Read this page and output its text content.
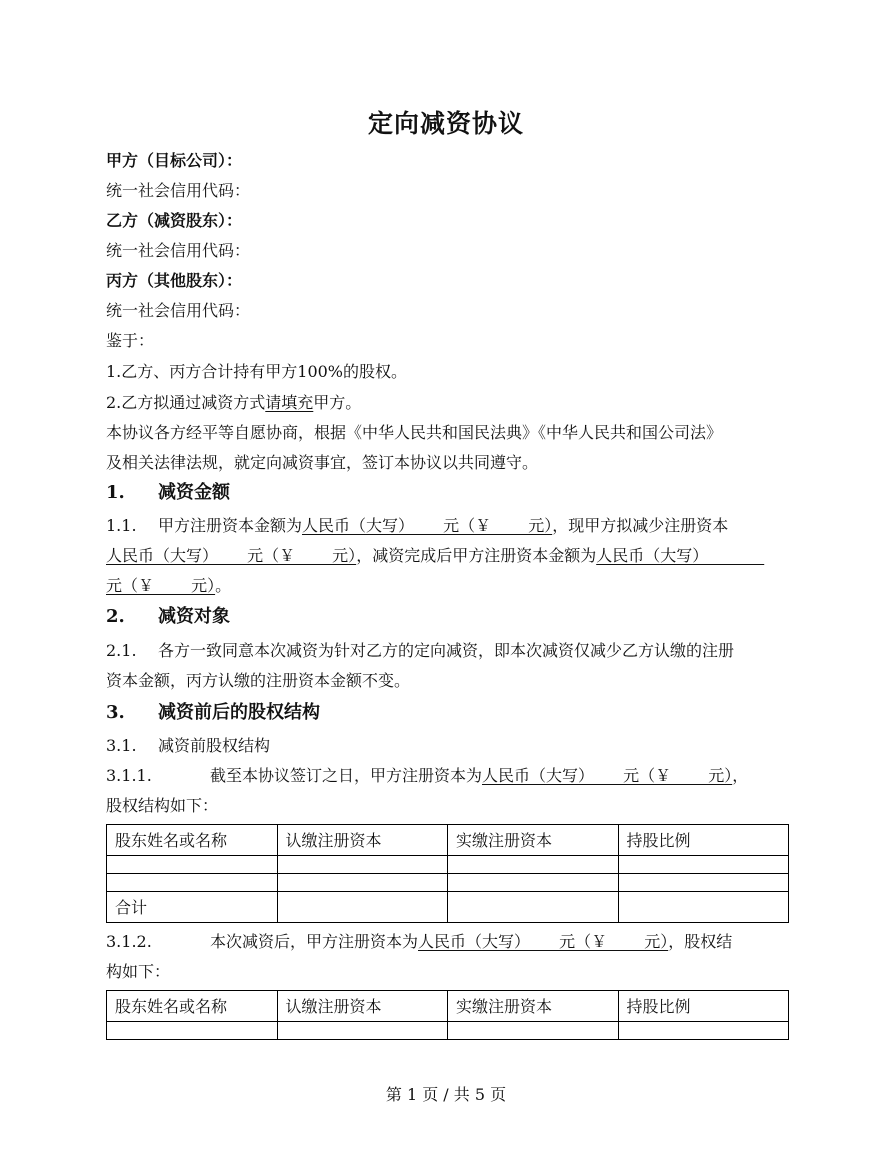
定向减资协议
甲方（目标公司）：
统一社会信用代码：
乙方（减资股东）：
统一社会信用代码：
丙方（其他股东）：
统一社会信用代码：
鉴于：
1.乙方、丙方合计持有甲方100%的股权。
2.乙方拟通过减资方式请填充甲方。
本协议各方经平等自愿协商，根据《中华人民共和国民法典》《中华人民共和国公司法》
及相关法律法规，就定向减资事宜，签订本协议以共同遵守。
1. 减资金额
1.1. 甲方注册资本金额为人民币（大写）　　 元（￥　　 元），现甲方拟减少注册资本
人民币（大写）　　 元（￥　　 元），减资完成后甲方注册资本金额为人民币（大写）　　　　
元（￥　　 元）。
2. 减资对象
2.1. 各方一致同意本次减资为针对乙方的定向减资，即本次减资仅减少乙方认缴的注册
资本金额，丙方认缴的注册资本金额不变。
3. 减资前后的股权结构
3.1. 减资前股权结构
3.1.1.	截至本协议签订之日，甲方注册资本为人民币（大写）　　 元（￥　　 元），
股权结构如下：
股东姓名或名称	认缴注册资本	实缴注册资本	持股比例

合计			
3.1.2.	本次减资后，甲方注册资本为人民币（大写）　　 元（￥　　 元），股权结
构如下：
股东姓名或名称	认缴注册资本	实缴注册资本	持股比例

第 1 页 / 共 5 页
